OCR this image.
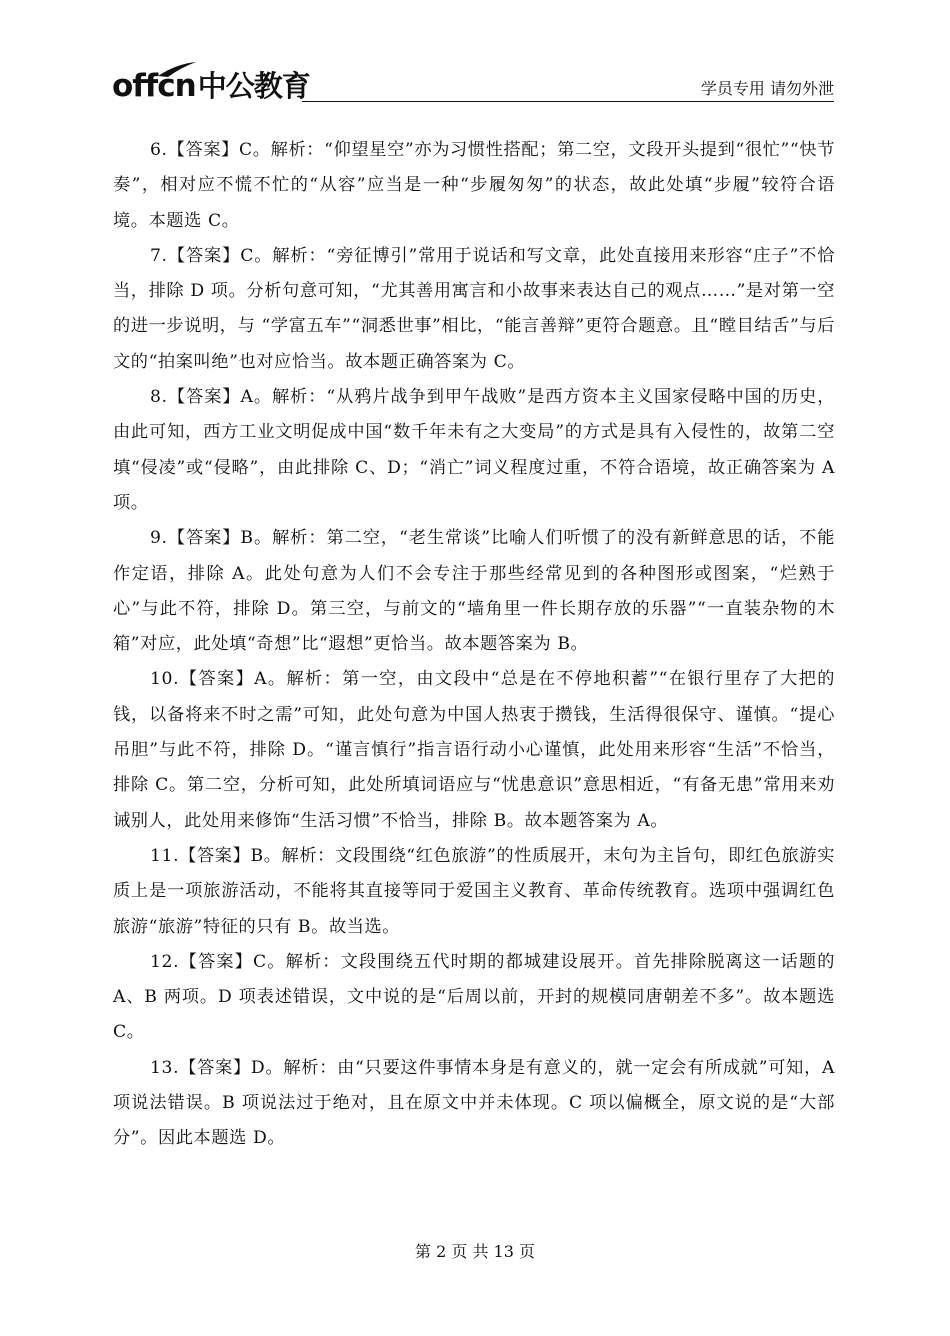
offcn 中公教育	学员专用 请勿外泄

6.【答案】C。解析：“仰望星空”亦为习惯性搭配；第二空，文段开头提到“很忙”“快节奏”，相对应不慌不忙的“从容”应当是一种“步履匆匆”的状态，故此处填“步履”较符合语境。本题选 C。

7.【答案】C。解析：“旁征博引”常用于说话和写文章，此处直接用来形容“庄子”不恰当，排除 D 项。分析句意可知，“尤其善用寓言和小故事来表达自己的观点……”是对第一空的进一步说明，与 “学富五车”“洞悉世事”相比，“能言善辩”更符合题意。且“瞠目结舌”与后文的“拍案叫绝”也对应恰当。故本题正确答案为 C。

8.【答案】A。解析：“从鸦片战争到甲午战败”是西方资本主义国家侵略中国的历史，由此可知，西方工业文明促成中国“数千年未有之大变局”的方式是具有入侵性的，故第二空填“侵凌”或“侵略”，由此排除 C、D；“消亡”词义程度过重，不符合语境，故正确答案为 A 项。

9.【答案】B。解析：第二空，“老生常谈”比喻人们听惯了的没有新鲜意思的话，不能作定语，排除 A。此处句意为人们不会专注于那些经常见到的各种图形或图案，“烂熟于心”与此不符，排除 D。第三空，与前文的“墙角里一件长期存放的乐器”“一直装杂物的木箱”对应，此处填“奇想”比“遐想”更恰当。故本题答案为 B。

10.【答案】A。解析：第一空，由文段中“总是在不停地积蓄”“在银行里存了大把的钱，以备将来不时之需”可知，此处句意为中国人热衷于攒钱，生活得很保守、谨慎。“提心吊胆”与此不符，排除 D。“谨言慎行”指言语行动小心谨慎，此处用来形容“生活”不恰当，排除 C。第二空，分析可知，此处所填词语应与“忧患意识”意思相近，“有备无患”常用来劝诫别人，此处用来修饰“生活习惯”不恰当，排除 B。故本题答案为 A。

11.【答案】B。解析：文段围绕“红色旅游”的性质展开，末句为主旨句，即红色旅游实质上是一项旅游活动，不能将其直接等同于爱国主义教育、革命传统教育。选项中强调红色旅游“旅游”特征的只有 B。故当选。

12.【答案】C。解析：文段围绕五代时期的都城建设展开。首先排除脱离这一话题的 A、B 两项。D 项表述错误，文中说的是“后周以前，开封的规模同唐朝差不多”。故本题选 C。

13.【答案】D。解析：由“只要这件事情本身是有意义的，就一定会有所成就”可知，A 项说法错误。B 项说法过于绝对，且在原文中并未体现。C 项以偏概全，原文说的是“大部分”。因此本题选 D。

第 2 页 共 13 页
